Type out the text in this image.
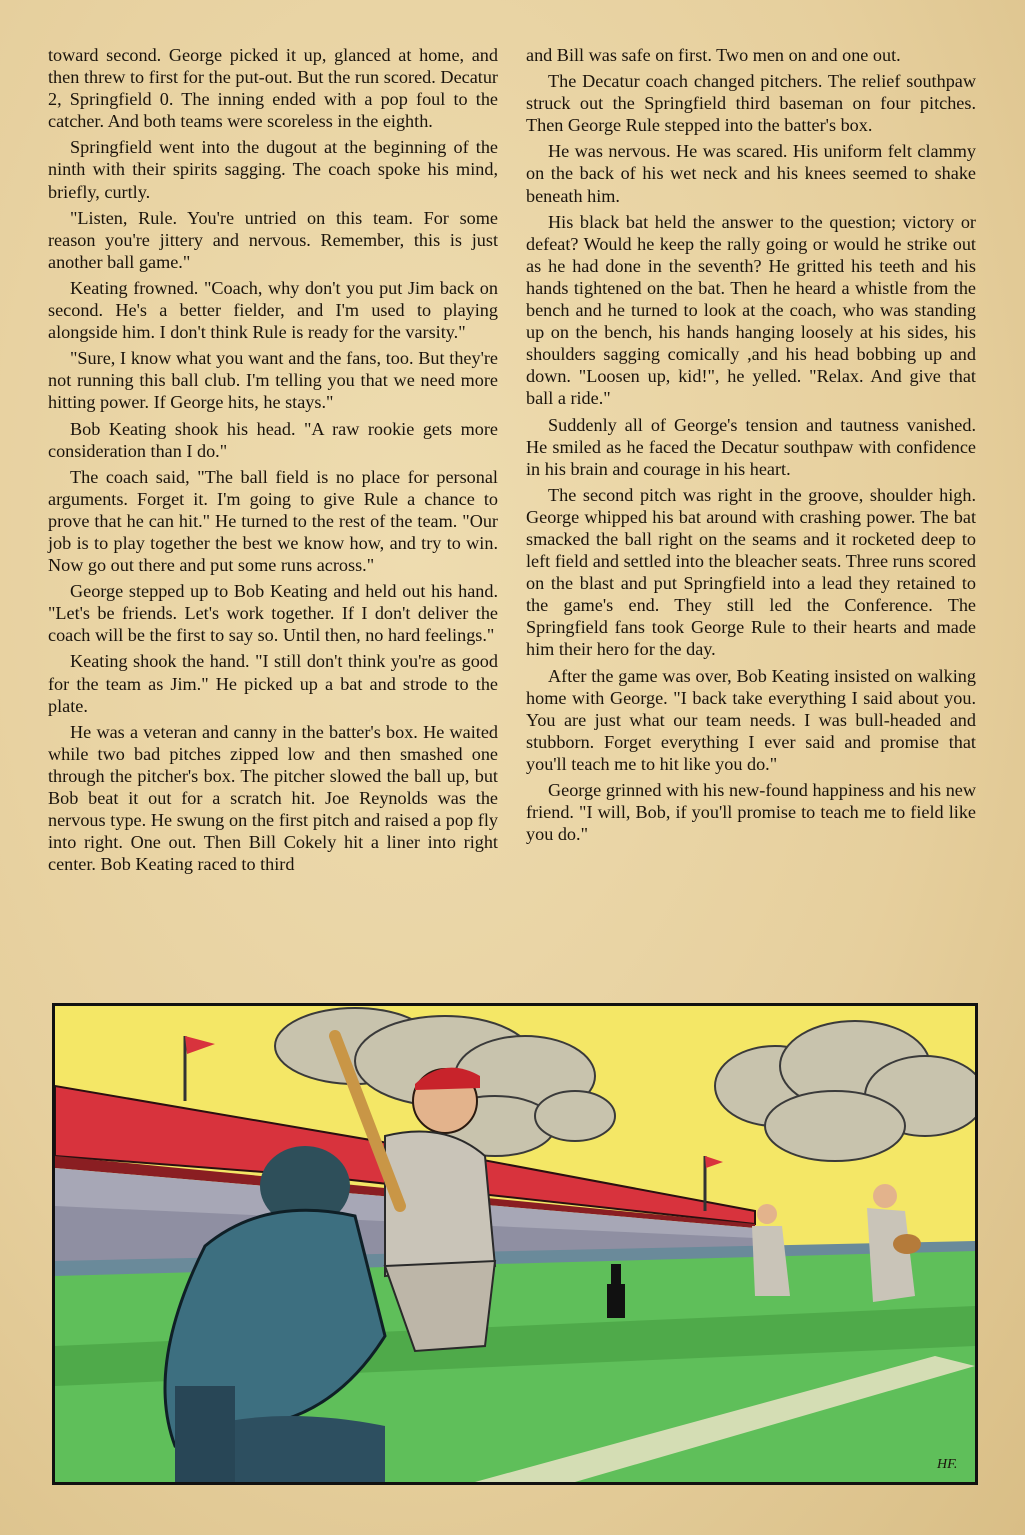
toward second. George picked it up, glanced at home, and then threw to first for the put-out. But the run scored. Decatur 2, Springfield 0. The inning ended with a pop foul to the catcher. And both teams were scoreless in the eighth.

Springfield went into the dugout at the beginning of the ninth with their spirits sagging. The coach spoke his mind, briefly, curtly.

"Listen, Rule. You're untried on this team. For some reason you're jittery and nervous. Remember, this is just another ball game."

Keating frowned. "Coach, why don't you put Jim back on second. He's a better fielder, and I'm used to playing alongside him. I don't think Rule is ready for the varsity."

"Sure, I know what you want and the fans, too. But they're not running this ball club. I'm telling you that we need more hitting power. If George hits, he stays."

Bob Keating shook his head. "A raw rookie gets more consideration than I do."

The coach said, "The ball field is no place for personal arguments. Forget it. I'm going to give Rule a chance to prove that he can hit." He turned to the rest of the team. "Our job is to play together the best we know how, and try to win. Now go out there and put some runs across."

George stepped up to Bob Keating and held out his hand. "Let's be friends. Let's work together. If I don't deliver the coach will be the first to say so. Until then, no hard feelings."

Keating shook the hand. "I still don't think you're as good for the team as Jim." He picked up a bat and strode to the plate.

He was a veteran and canny in the batter's box. He waited while two bad pitches zipped low and then smashed one through the pitcher's box. The pitcher slowed the ball up, but Bob beat it out for a scratch hit. Joe Reynolds was the nervous type. He swung on the first pitch and raised a pop fly into right. One out. Then Bill Cokely hit a liner into right center. Bob Keating raced to third

and Bill was safe on first. Two men on and one out.

The Decatur coach changed pitchers. The relief southpaw struck out the Springfield third baseman on four pitches. Then George Rule stepped into the batter's box.

He was nervous. He was scared. His uniform felt clammy on the back of his wet neck and his knees seemed to shake beneath him.

His black bat held the answer to the question; victory or defeat? Would he keep the rally going or would he strike out as he had done in the seventh? He gritted his teeth and his hands tightened on the bat. Then he heard a whistle from the bench and he turned to look at the coach, who was standing up on the bench, his hands hanging loosely at his sides, his shoulders sagging comically ,and his head bobbing up and down. "Loosen up, kid!", he yelled. "Relax. And give that ball a ride."

Suddenly all of George's tension and tautness vanished. He smiled as he faced the Decatur southpaw with confidence in his brain and courage in his heart.

The second pitch was right in the groove, shoulder high. George whipped his bat around with crashing power. The bat smacked the ball right on the seams and it rocketed deep to left field and settled into the bleacher seats. Three runs scored on the blast and put Springfield into a lead they retained to the game's end. They still led the Conference. The Springfield fans took George Rule to their hearts and made him their hero for the day.

After the game was over, Bob Keating insisted on walking home with George. "I back take everything I said about you. You are just what our team needs. I was bull-headed and stubborn. Forget everything I ever said and promise that you'll teach me to hit like you do."

George grinned with his new-found happiness and his new friend. "I will, Bob, if you'll promise to teach me to field like you do."

HF.
